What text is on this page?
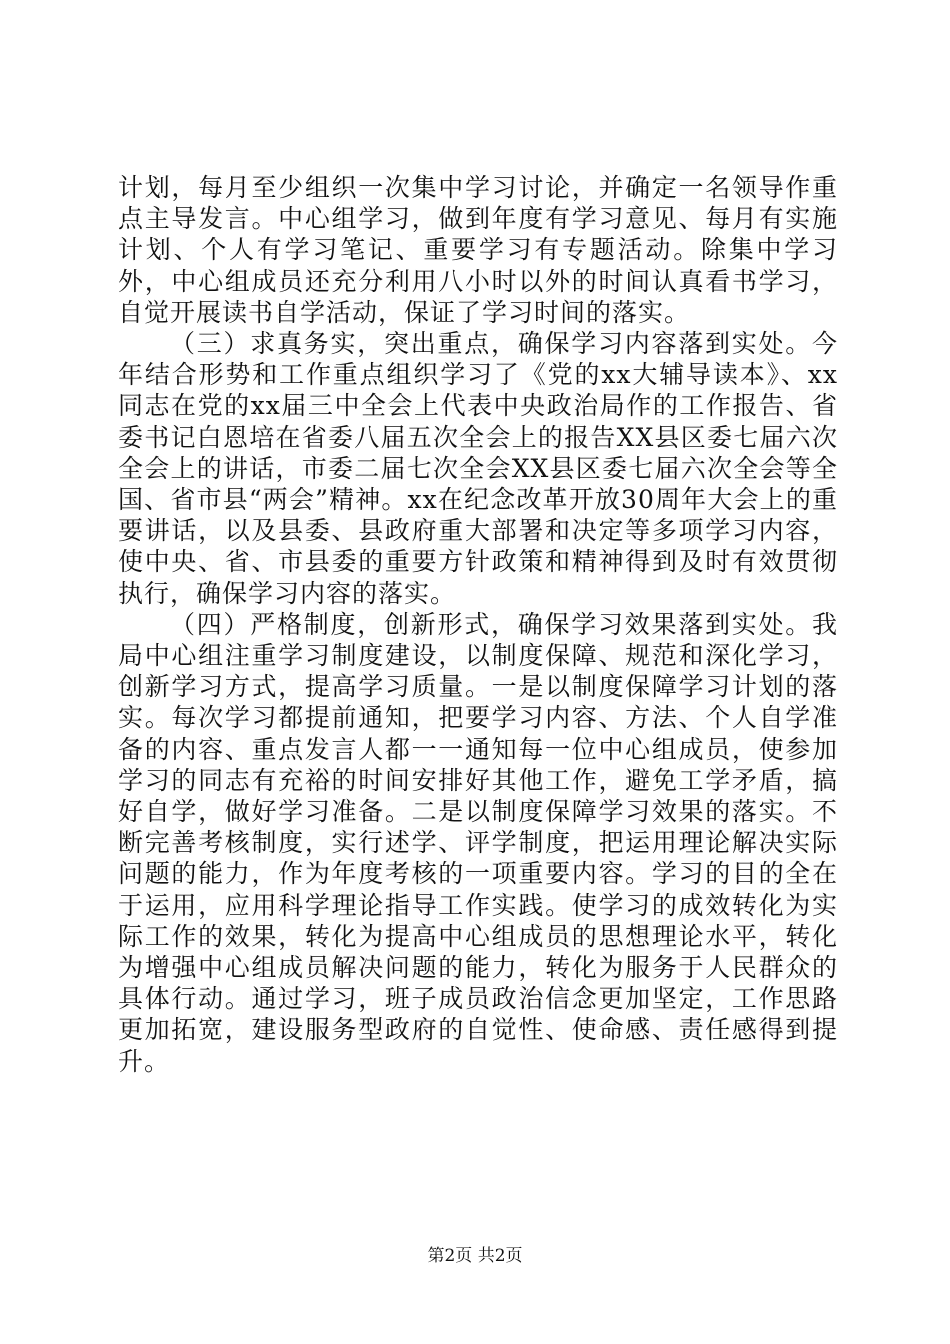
计划，每月至少组织一次集中学习讨论，并确定一名领导作重点主导发言。中心组学习，做到年度有学习意见、每月有实施计划、个人有学习笔记、重要学习有专题活动。除集中学习外，中心组成员还充分利用八小时以外的时间认真看书学习，自觉开展读书自学活动，保证了学习时间的落实。

（三）求真务实，突出重点，确保学习内容落到实处。今年结合形势和工作重点组织学习了《党的xx大辅导读本》、xx同志在党的xx届三中全会上代表中央政治局作的工作报告、省委书记白恩培在省委八届五次全会上的报告XX县区委七届六次全会上的讲话，市委二届七次全会XX县区委七届六次全会等全国、省市县“两会”精神。xx在纪念改革开放30周年大会上的重要讲话，以及县委、县政府重大部署和决定等多项学习内容，使中央、省、市县委的重要方针政策和精神得到及时有效贯彻执行，确保学习内容的落实。

（四）严格制度，创新形式，确保学习效果落到实处。我局中心组注重学习制度建设，以制度保障、规范和深化学习，创新学习方式，提高学习质量。一是以制度保障学习计划的落实。每次学习都提前通知，把要学习内容、方法、个人自学准备的内容、重点发言人都一一通知每一位中心组成员，使参加学习的同志有充裕的时间安排好其他工作，避免工学矛盾，搞好自学，做好学习准备。二是以制度保障学习效果的落实。不断完善考核制度，实行述学、评学制度，把运用理论解决实际问题的能力，作为年度考核的一项重要内容。学习的目的全在于运用，应用科学理论指导工作实践。使学习的成效转化为实际工作的效果，转化为提高中心组成员的思想理论水平，转化为增强中心组成员解决问题的能力，转化为服务于人民群众的具体行动。通过学习，班子成员政治信念更加坚定，工作思路更加拓宽，建设服务型政府的自觉性、使命感、责任感得到提升。

第2页 共2页
